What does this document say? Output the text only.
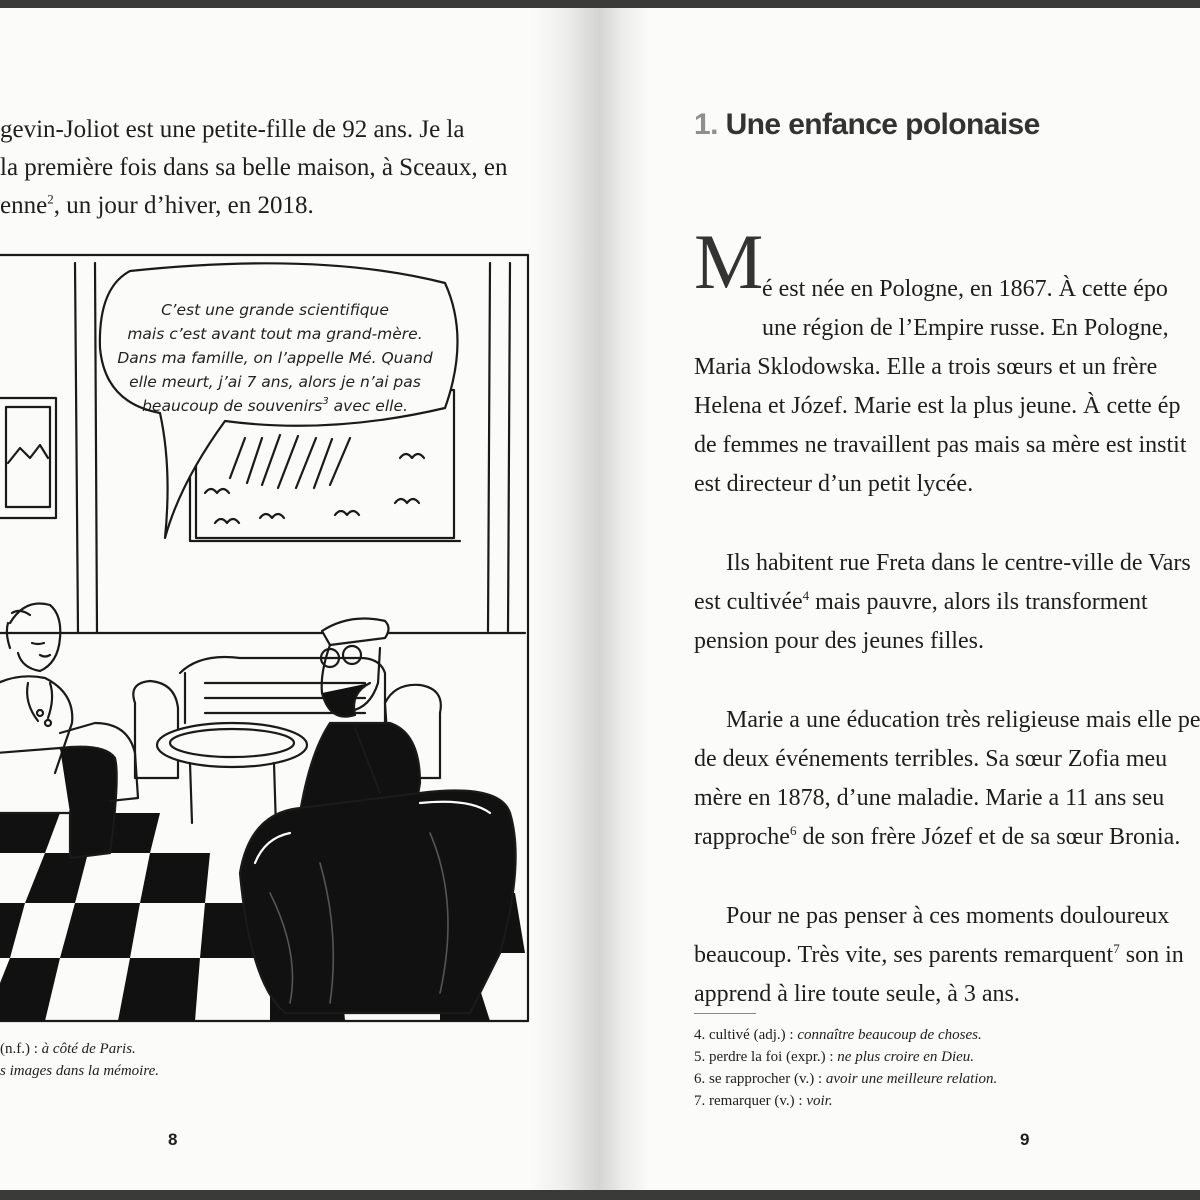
gevin-Joliot est une petite-fille de 92 ans. Je la
la première fois dans sa belle maison, à Sceaux, en
enne$^2$, un jour d’hiver, en 2018.
C’est une grande scientifique
mais c’est avant tout ma grand-mère.
Dans ma famille, on l’appelle Mé. Quand
elle meurt, j’ai 7 ans, alors je n’ai pas
beaucoup de souvenirs$^3$ avec elle.
(n.f.) : à côté de Paris.
s images dans la mémoire.
8
1. Une enfance polonaise
M

é est née en Pologne, en 1867. À cette épo
une région de l’Empire russe. En Pologne,
Maria Sklodowska. Elle a trois sœurs et un frère
Helena et Józef. Marie est la plus jeune. À cette ép
de femmes ne travaillent pas mais sa mère est instit
est directeur d’un petit lycée.

Ils habitent rue Freta dans le centre-ville de Vars
est cultivée$^4$ mais pauvre, alors ils transforment
pension pour des jeunes filles.

Marie a une éducation très religieuse mais elle pe
de deux événements terribles. Sa sœur Zofia meu
mère en 1878, d’une maladie. Marie a 11 ans seu
rapproche$^6$ de son frère Józef et de sa sœur Bronia.

Pour ne pas penser à ces moments douloureux
beaucoup. Très vite, ses parents remarquent$^7$ son in
apprend à lire toute seule, à 3 ans.

4. cultivé (adj.) : connaître beaucoup de choses.
5. perdre la foi (expr.) : ne plus croire en Dieu.
6. se rapprocher (v.) : avoir une meilleure relation.
7. remarquer (v.) : voir.
9
